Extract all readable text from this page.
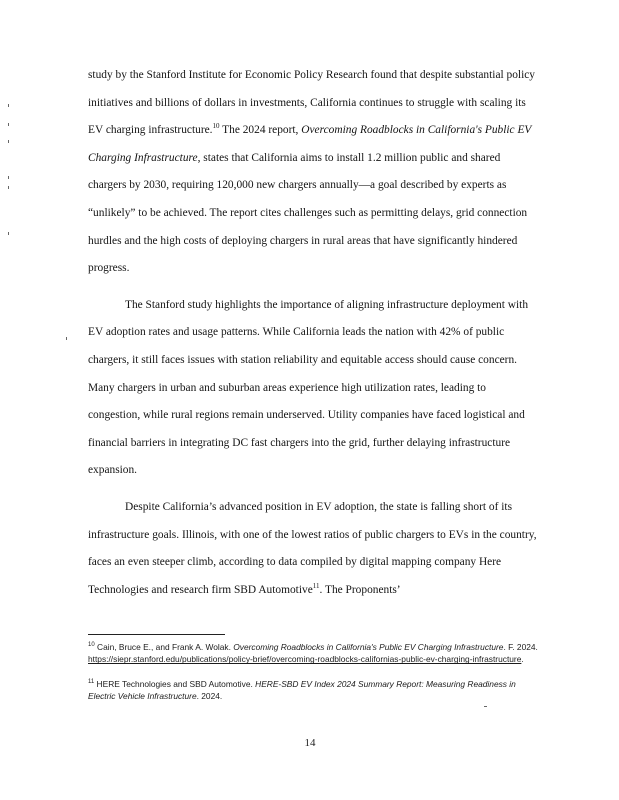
study by the Stanford Institute for Economic Policy Research found that despite substantial policy initiatives and billions of dollars in investments, California continues to struggle with scaling its EV charging infrastructure.$^{10}$ The 2024 report, Overcoming Roadblocks in California's Public EV Charging Infrastructure, states that California aims to install 1.2 million public and shared chargers by 2030, requiring 120,000 new chargers annually—a goal described by experts as “unlikely” to be achieved. The report cites challenges such as permitting delays, grid connection hurdles and the high costs of deploying chargers in rural areas that have significantly hindered progress.

The Stanford study highlights the importance of aligning infrastructure deployment with EV adoption rates and usage patterns. While California leads the nation with 42% of public chargers, it still faces issues with station reliability and equitable access should cause concern. Many chargers in urban and suburban areas experience high utilization rates, leading to congestion, while rural regions remain underserved. Utility companies have faced logistical and financial barriers in integrating DC fast chargers into the grid, further delaying infrastructure expansion.

Despite California’s advanced position in EV adoption, the state is falling short of its infrastructure goals. Illinois, with one of the lowest ratios of public chargers to EVs in the country, faces an even steeper climb, according to data compiled by digital mapping company Here Technologies and research firm SBD Automotive$^{11}$. The Proponents’

$^{10}$ Cain, Bruce E., and Frank A. Wolak. Overcoming Roadblocks in California's Public EV Charging Infrastructure. F. 2024. https://siepr.stanford.edu/publications/policy-brief/overcoming-roadblocks-californias-public-ev-charging-infrastructure.

$^{11}$ HERE Technologies and SBD Automotive. HERE-SBD EV Index 2024 Summary Report: Measuring Readiness in Electric Vehicle Infrastructure. 2024.

14
